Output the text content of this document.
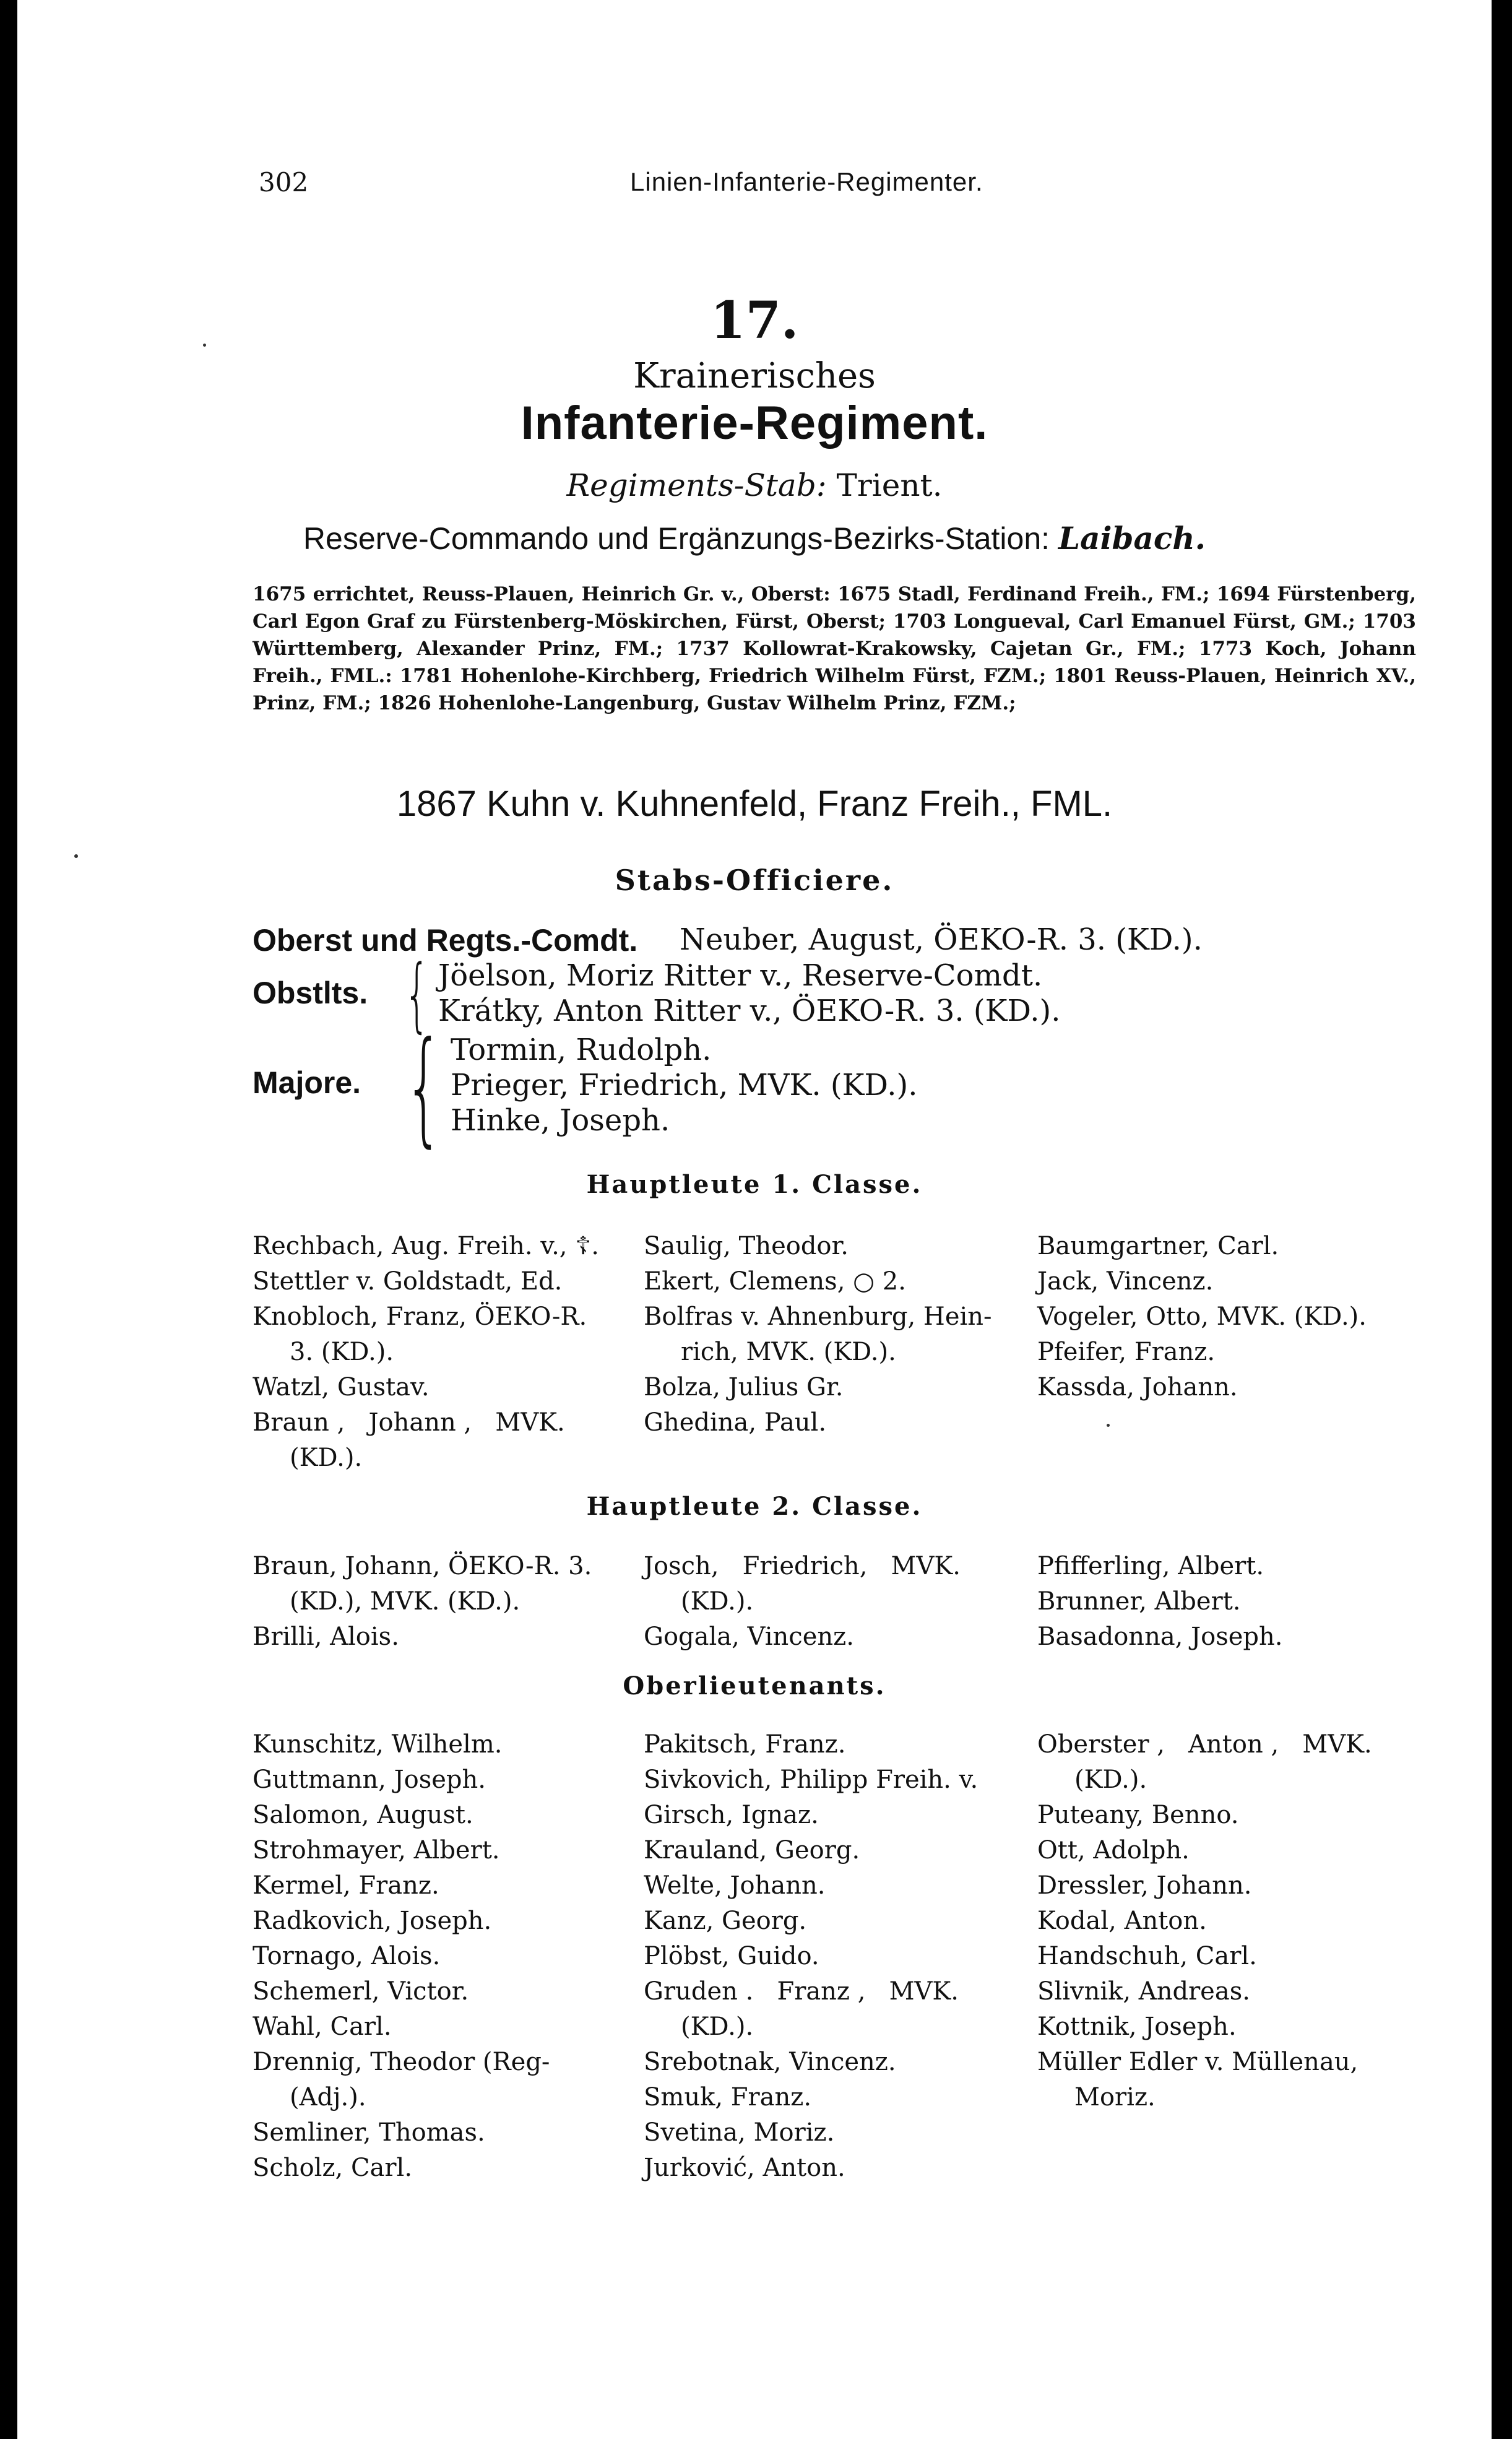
302	Linien-Infanterie-Regimenter.
17.
Krainerisches
Infanterie-Regiment.
Regiments-Stab: Trient.
Reserve-Commando und Ergänzungs-Bezirks-Station: Laibach.
1675 errichtet, Reuss-Plauen, Heinrich Gr. v., Oberst: 1675 Stadl, Ferdinand Freih., FM.; 1694 Fürstenberg, Carl Egon Graf zu Fürstenberg-Möskirchen, Fürst, Oberst; 1703 Longueval, Carl Emanuel Fürst, GM.; 1703 Württemberg, Alexander Prinz, FM.; 1737 Kollowrat-Krakowsky, Cajetan Gr., FM.; 1773 Koch, Johann Freih., FML.: 1781 Hohenlohe-Kirchberg, Friedrich Wilhelm Fürst, FZM.; 1801 Reuss-Plauen, Heinrich XV., Prinz, FM.; 1826 Hohenlohe-Langenburg, Gustav Wilhelm Prinz, FZM.;
1867 Kuhn v. Kuhnenfeld, Franz Freih., FML.
Stabs-Officiere.
Oberst und Regts.-Comdt. Neuber, August, ÖEKO-R. 3. (KD.).
Obstlts. { Jöelson, Moriz Ritter v., Reserve-Comdt.
Krátky, Anton Ritter v., ÖEKO-R. 3. (KD.).
Majore. { Tormin, Rudolph.
Prieger, Friedrich, MVK. (KD.).
Hinke, Joseph.
Hauptleute 1. Classe.
Rechbach, Aug. Freih. v., ☦.
Stettler v. Goldstadt, Ed.
Knobloch, Franz, ÖEKO-R.
3. (KD.).
Watzl, Gustav.
Braun ,   Johann ,   MVK.
(KD.).
Saulig, Theodor.
Ekert, Clemens, ○ 2.
Bolfras v. Ahnenburg, Hein-
rich, MVK. (KD.).
Bolza, Julius Gr.
Ghedina, Paul.
Baumgartner, Carl.
Jack, Vincenz.
Vogeler, Otto, MVK. (KD.).
Pfeifer, Franz.
Kassda, Johann.
Hauptleute 2. Classe.
Braun, Johann, ÖEKO-R. 3.
(KD.), MVK. (KD.).
Brilli, Alois.
Josch,   Friedrich,   MVK.
(KD.).
Gogala, Vincenz.
Pfifferling, Albert.
Brunner, Albert.
Basadonna, Joseph.
Oberlieutenants.
Kunschitz, Wilhelm.
Guttmann, Joseph.
Salomon, August.
Strohmayer, Albert.
Kermel, Franz.
Radkovich, Joseph.
Tornago, Alois.
Schemerl, Victor.
Wahl, Carl.
Drennig, Theodor (Reg-
(Adj.).
Semliner, Thomas.
Scholz, Carl.
Pakitsch, Franz.
Sivkovich, Philipp Freih. v.
Girsch, Ignaz.
Krauland, Georg.
Welte, Johann.
Kanz, Georg.
Plöbst, Guido.
Gruden .   Franz ,   MVK.
(KD.).
Srebotnak, Vincenz.
Smuk, Franz.
Svetina, Moriz.
Jurković, Anton.
Oberster ,   Anton ,   MVK.
(KD.).
Puteany, Benno.
Ott, Adolph.
Dressler, Johann.
Kodal, Anton.
Handschuh, Carl.
Slivnik, Andreas.
Kottnik, Joseph.
Müller Edler v. Müllenau,
Moriz.
